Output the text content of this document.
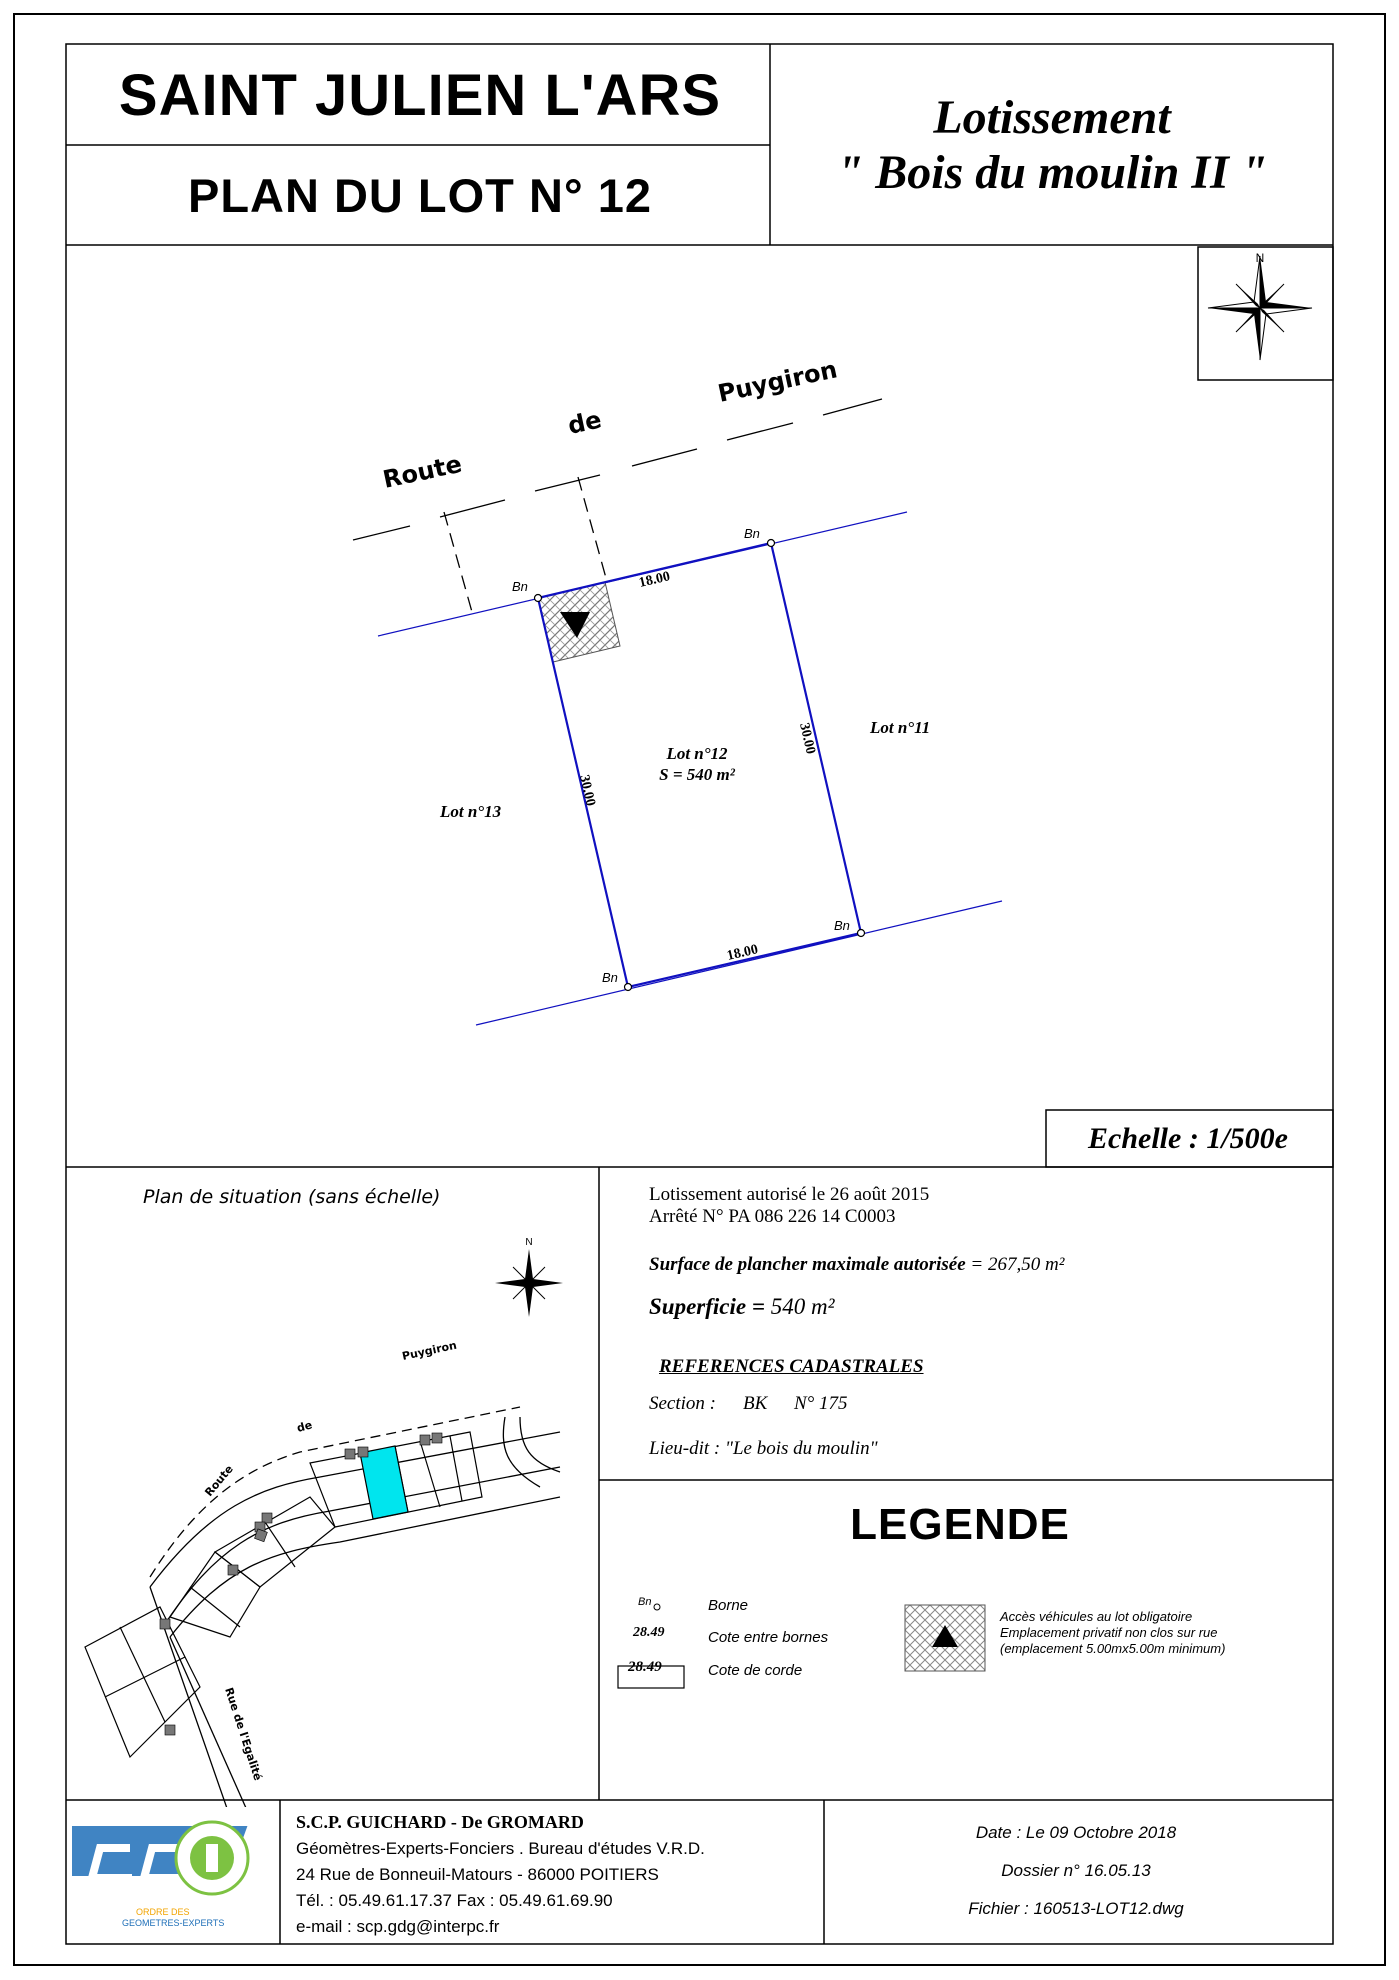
SAINT JULIEN L'ARS
PLAN DU LOT N° 12
Lotissement
" Bois du moulin II "
N
Route
de
Puygiron
Bn
Bn
Bn
Bn
18.00
18.00
30.00
30.00
Lot n°12
S = 540 m²
Lot n°13
Lot n°11
Echelle : 1/500e
Plan de situation (sans échelle)
N
Route
de
Puygiron
Rue de l'Egalité
Lotissement autorisé le 26 août 2015
Arrêté N° PA 086 226 14 C0003
Surface de plancher maximale autorisée = 267,50 m²
Superficie = 540 m²
REFERENCES CADASTRALES
Section : BK N° 175
Lieu-dit : "Le bois du moulin"
LEGENDE
Bn	Borne
28.49	Cote entre bornes
28.49	Cote de corde
Accès véhicules au lot obligatoire
Emplacement privatif non clos sur rue
(emplacement 5.00mx5.00m minimum)
ORDRE DES
GEOMETRES-EXPERTS
S.C.P. GUICHARD - De GROMARD
Géomètres-Experts-Fonciers . Bureau d'études V.R.D.
24 Rue de Bonneuil-Matours - 86000 POITIERS
Tél. : 05.49.61.17.37 Fax : 05.49.61.69.90
e-mail : scp.gdg@interpc.fr
Date : Le 09 Octobre 2018
Dossier n° 16.05.13
Fichier : 160513-LOT12.dwg
